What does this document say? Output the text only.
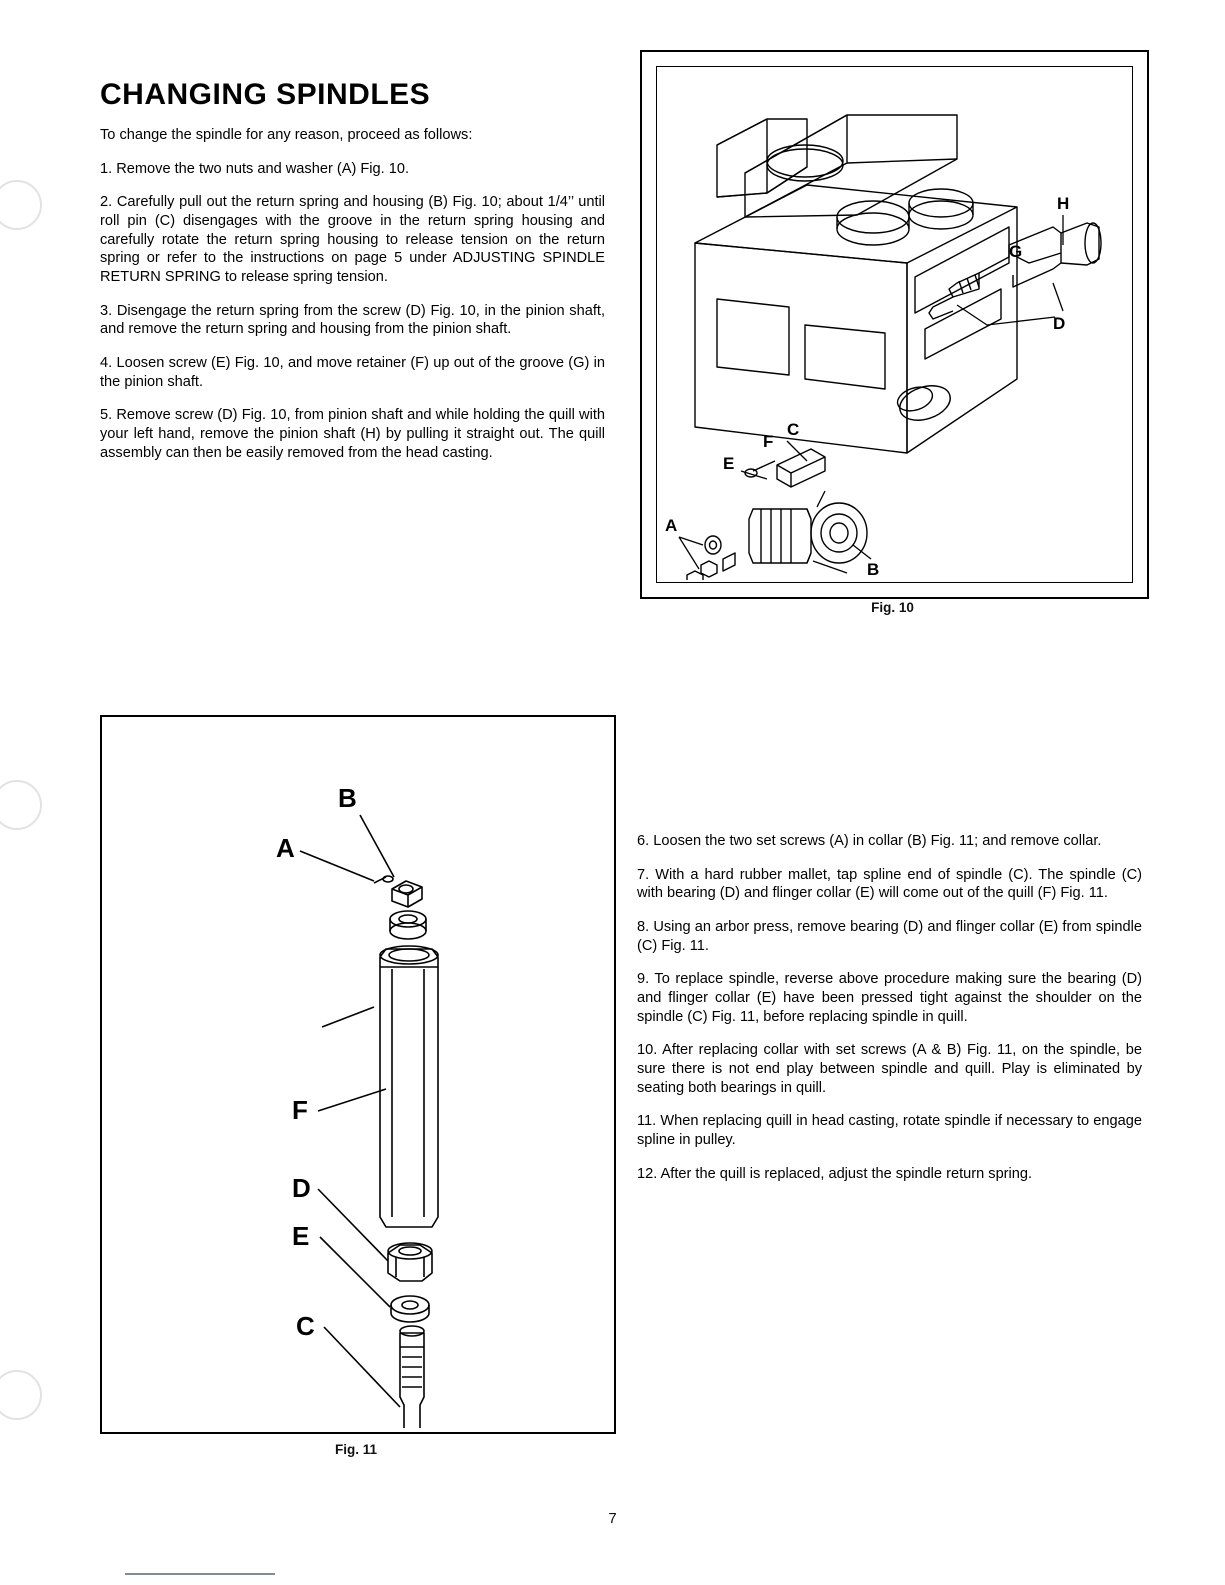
CHANGING SPINDLES

To change the spindle for any reason, proceed as follows:

1. Remove the two nuts and washer (A) Fig. 10.

2. Carefully pull out the return spring and housing (B) Fig. 10; about 1/4’’ until roll pin (C) disengages with the groove in the return spring housing and carefully rotate the return spring housing to release tension on the return spring or refer to the instructions on page 5 under ADJUSTING SPINDLE RETURN SPRING to release spring tension.

3. Disengage the return spring from the screw (D) Fig. 10, in the pinion shaft, and remove the return spring and housing from the pinion shaft.

4. Loosen screw (E) Fig. 10, and move retainer (F) up out of the groove (G) in the pinion shaft.

5. Remove screw (D) Fig. 10, from pinion shaft and while holding the quill with your left hand, remove the pinion shaft (H) by pulling it straight out. The quill assembly can then be easily removed from the head casting.

H
G
D
C
F
E
B
A
Fig. 10
B
A
F
D
E
C
Fig. 11

6. Loosen the two set screws (A) in collar (B) Fig. 11; and remove collar.

7. With a hard rubber mallet, tap spline end of spindle (C). The spindle (C) with bearing (D) and flinger collar (E) will come out of the quill (F) Fig. 11.

8. Using an arbor press, remove bearing (D) and flinger collar (E) from spindle (C) Fig. 11.

9. To replace spindle, reverse above procedure making sure the bearing (D) and flinger collar (E) have been pressed tight against the shoulder on the spindle (C) Fig. 11, before replacing spindle in quill.

10. After replacing collar with set screws (A & B) Fig. 11, on the spindle, be sure there is not end play between spindle and quill. Play is eliminated by seating both bearings in quill.

11. When replacing quill in head casting, rotate spindle if necessary to engage spline in pulley.

12. After the quill is replaced, adjust the spindle return spring.

7
